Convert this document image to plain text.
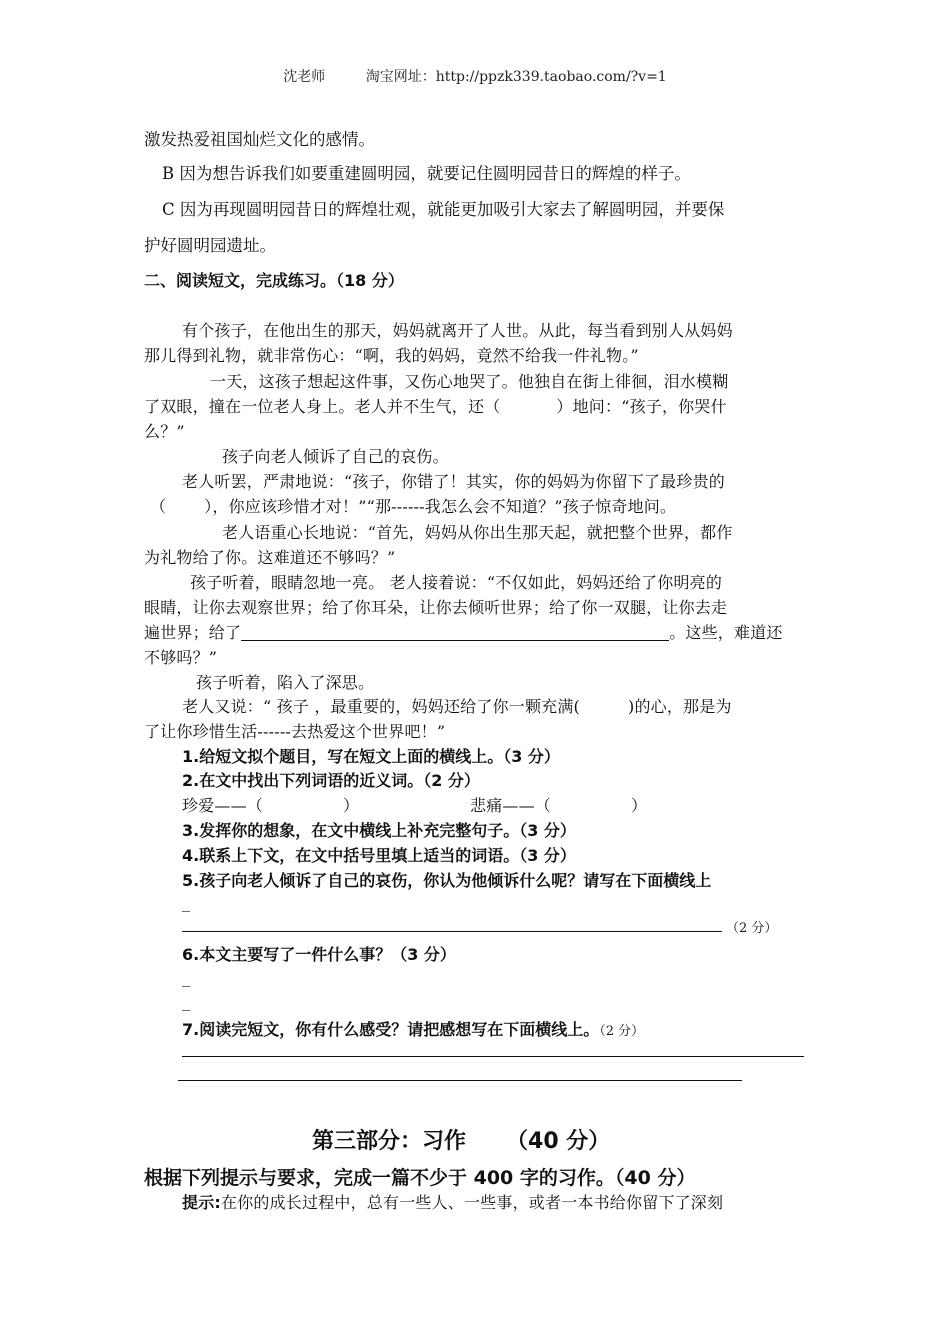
沈老师	淘宝网址：http://ppzk339.taobao.com/?v=1
激发热爱祖国灿烂文化的感情。
B 因为想告诉我们如要重建圆明园，就要记住圆明园昔日的辉煌的样子。
C 因为再现圆明园昔日的辉煌壮观，就能更加吸引大家去了解圆明园，并要保
护好圆明园遗址。
二、阅读短文，完成练习。（18 分）
有个孩子，在他出生的那天，妈妈就离开了人世。从此，每当看到别人从妈妈
那儿得到礼物，就非常伤心：“啊，我的妈妈，竟然不给我一件礼物。”
一天，这孩子想起这件事，又伤心地哭了。他独自在街上徘徊，泪水模糊
了双眼，撞在一位老人身上。老人并不生气，还（	）地问：“孩子，你哭什
么？”
孩子向老人倾诉了自己的哀伤。
老人听罢，严肃地说：“孩子，你错了！其实，你的妈妈为你留下了最珍贵的
（ ），你应该珍惜才对！”“那------我怎么会不知道？”孩子惊奇地问。
老人语重心长地说：“首先，妈妈从你出生那天起，就把整个世界，都作
为礼物给了你。这难道还不够吗？”
孩子听着，眼睛忽地一亮。 老人接着说：“不仅如此，妈妈还给了你明亮的
眼睛，让你去观察世界；给了你耳朵，让你去倾听世界；给了你一双腿，让你去走
遍世界；给了	。这些，难道还
不够吗？”
孩子听着，陷入了深思。
老人又说：“ 孩子 ，最重要的，妈妈还给了你一颗充满(	)的心，那是为
了让你珍惜生活------去热爱这个世界吧！”
1.给短文拟个题目，写在短文上面的横线上。（3 分）
2.在文中找出下列词语的近义词。（2 分）
珍爱——（	）	悲痛——（	）
3.发挥你的想象，在文中横线上补充完整句子。（3 分）
4.联系上下文，在文中括号里填上适当的词语。（3 分）
5.孩子向老人倾诉了自己的哀伤，你认为他倾诉什么呢？请写在下面横线上
_
（2 分）
6.本文主要写了一件什么事？（3 分）
_
_
7.阅读完短文，你有什么感受？请把感想写在下面横线上。（2 分）
第三部分：习作 （40 分）
根据下列提示与要求，完成一篇不少于 400 字的习作。（40 分）
提示:在你的成长过程中，总有一些人、一些事，或者一本书给你留下了深刻
